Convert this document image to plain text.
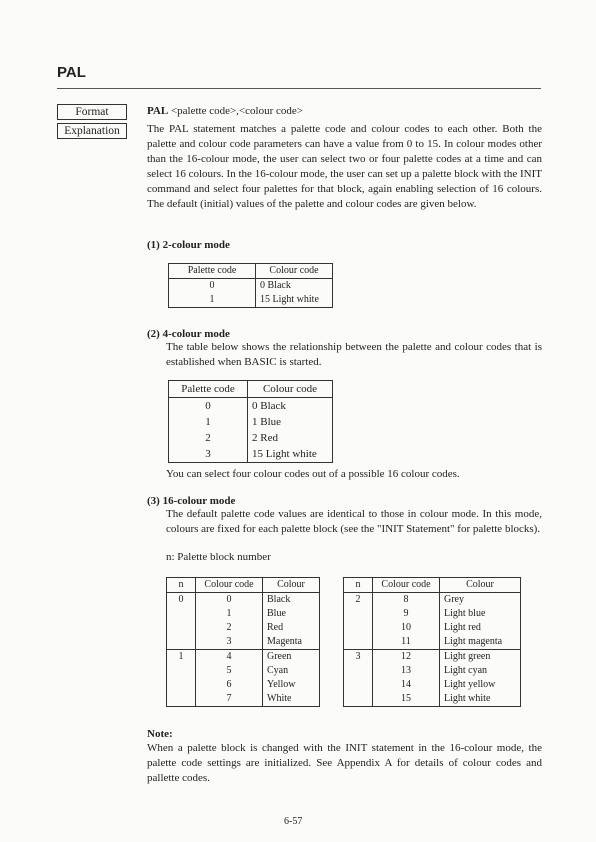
PAL
Format	PAL <palette code>,<colour code>
Explanation	The PAL statement matches a palette code and colour codes to each other. Both the palette and colour code parameters can have a value from 0 to 15. In colour modes other than the 16-colour mode, the user can select two or four palette codes at a time and can select 16 colours. In the 16-colour mode, the user can set up a palette block with the INIT command and select four palettes for that block, again enabling selection of 16 colours. The default (initial) values of the palette and colour codes are given below.
(1) 2-colour mode
Palette code	Colour code
0	0 Black
1	15 Light white
(2) 4-colour mode
The table below shows the relationship between the palette and colour codes that is established when BASIC is started.
Palette code	Colour code
0	0 Black
1	1 Blue
2	2 Red
3	15 Light white
You can select four colour codes out of a possible 16 colour codes.
(3) 16-colour mode
The default palette code values are identical to those in colour mode. In this mode, colours are fixed for each palette block (see the "INIT Statement" for palette blocks).
n: Palette block number
n	Colour code	Colour
0	0	Black
	1	Blue
	2	Red
	3	Magenta
1	4	Green
	5	Cyan
	6	Yellow
	7	White
n	Colour code	Colour
2	8	Grey
	9	Light blue
	10	Light red
	11	Light magenta
3	12	Light green
	13	Light cyan
	14	Light yellow
	15	Light white
Note:
When a palette block is changed with the INIT statement in the 16-colour mode, the palette code settings are initialized. See Appendix A for details of colour codes and pallette codes.
6-57
